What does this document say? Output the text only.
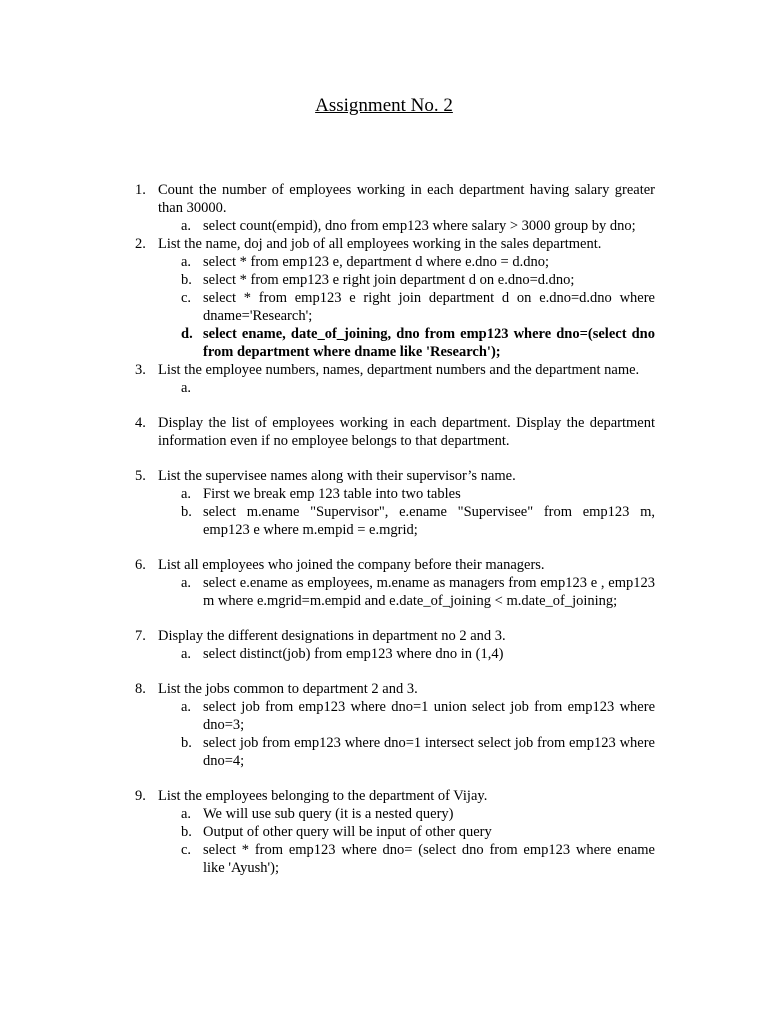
Assignment No. 2
1. Count the number of employees working in each department having salary greater than 30000.
a. select count(empid), dno from emp123 where salary > 3000 group by dno;
2. List the name, doj and job of all employees working in the sales department.
a. select * from emp123 e, department d where e.dno = d.dno;
b. select * from emp123 e right join department d on e.dno=d.dno;
c. select * from emp123 e right join department d on e.dno=d.dno where dname='Research';
d. select ename, date_of_joining, dno from emp123 where dno=(select dno from department where dname like 'Research');
3. List the employee numbers, names, department numbers and the department name.
a.

4. Display the list of employees working in each department. Display the department information even if no employee belongs to that department.
5. List the supervisee names along with their supervisor’s name.
a. First we break emp 123 table into two tables
b. select m.ename "Supervisor", e.ename "Supervisee" from emp123 m, emp123 e where m.empid = e.mgrid;
6. List all employees who joined the company before their managers.
a. select e.ename as employees, m.ename as managers from emp123 e , emp123 m where e.mgrid=m.empid and e.date_of_joining < m.date_of_joining;
7. Display the different designations in department no 2 and 3.
a. select distinct(job) from emp123 where dno in (1,4)
8. List the jobs common to department 2 and 3.
a. select job from emp123 where dno=1 union select job from emp123 where dno=3;
b. select job from emp123 where dno=1 intersect select job from emp123 where dno=4;
9. List the employees belonging to the department of Vijay.
a. We will use sub query (it is a nested query)
b. Output of other query will be input of other query
c. select * from emp123 where dno= (select dno from emp123 where ename like 'Ayush');
